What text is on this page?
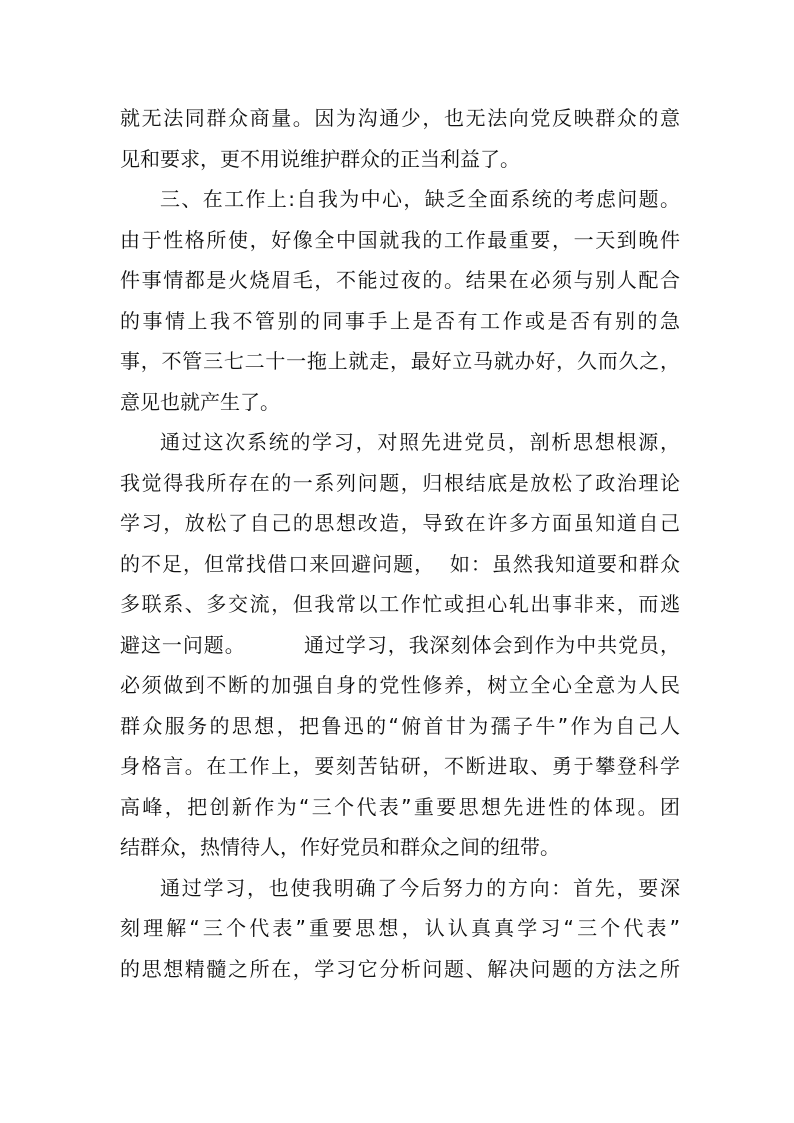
就无法同群众商量。因为沟通少，也无法向党反映群众的意
见和要求，更不用说维护群众的正当利益了。
三、在工作上:自我为中心，缺乏全面系统的考虑问题。
由于性格所使，好像全中国就我的工作最重要，一天到晚件
件事情都是火烧眉毛，不能过夜的。结果在必须与别人配合
的事情上我不管别的同事手上是否有工作或是否有别的急
事，不管三七二十一拖上就走，最好立马就办好，久而久之，
意见也就产生了。
通过这次系统的学习，对照先进党员，剖析思想根源，
我觉得我所存在的一系列问题，归根结底是放松了政治理论
学习，放松了自己的思想改造，导致在许多方面虽知道自己
的不足，但常找借口来回避问题，  如：虽然我知道要和群众
多联系、多交流，但我常以工作忙或担心轧出事非来，而逃
避这一问题。        通过学习，我深刻体会到作为中共党员，
必须做到不断的加强自身的党性修养，树立全心全意为人民
群众服务的思想，把鲁迅的“俯首甘为孺子牛”作为自己人
身格言。在工作上，要刻苦钻研，不断进取、勇于攀登科学
高峰，把创新作为“三个代表”重要思想先进性的体现。团
结群众，热情待人，作好党员和群众之间的纽带。
通过学习，也使我明确了今后努力的方向：首先，要深
刻理解“三个代表”重要思想，认认真真学习“三个代表”
的思想精髓之所在，学习它分析问题、解决问题的方法之所
